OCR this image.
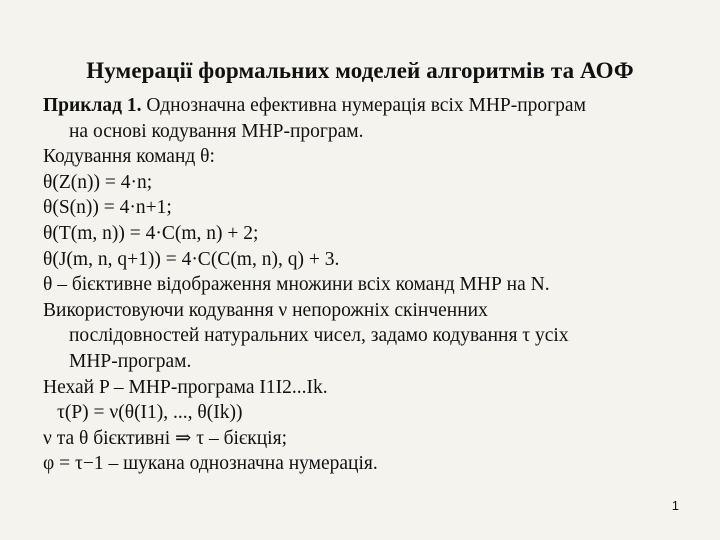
Нумерації формальних моделей алгоритмів та АОФ
Приклад 1. Однозначна ефективна нумерація всіх МНР-програм
на основі кодування МНР-програм.
Кодування команд θ:
θ(Z(n)) = 4·n;
θ(S(n)) = 4·n+1;
θ(T(m, n)) = 4·C(m, n) + 2;
θ(J(m, n, q+1)) = 4·C(C(m, n), q) + 3.
θ – бієктивне відображення множини всіх команд МНР на N.
Використовуючи кодування ν непорожніх скінченних
послідовностей натуральних чисел, задамо кодування τ усіх
МНР-програм.
Нехай P – МНР-програма I1I2...Ik.
τ(P) = ν(θ(I1), ..., θ(Ik))
ν та θ бієктивні ⇒ τ – бієкція;
φ = τ−1 – шукана однозначна нумерація.
1
